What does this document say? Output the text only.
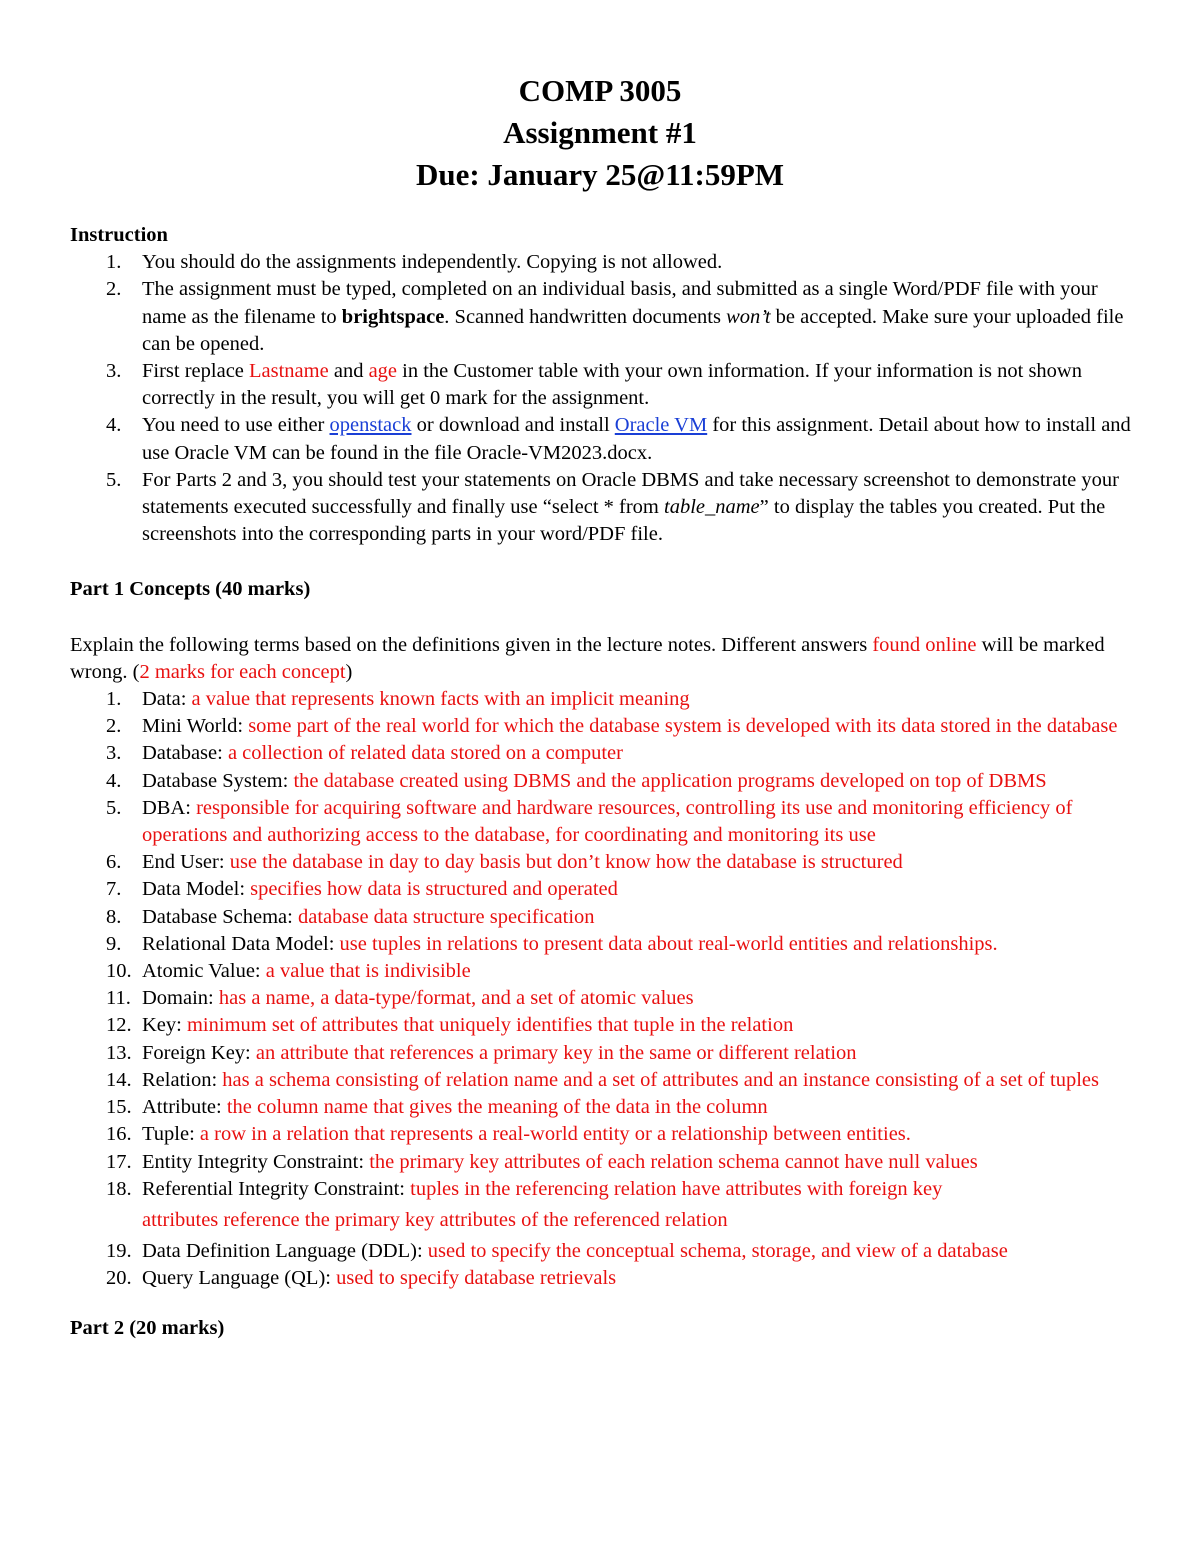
COMP 3005
Assignment #1
Due: January 25@11:59PM
Instruction
1. You should do the assignments independently. Copying is not allowed.
2. The assignment must be typed, completed on an individual basis, and submitted as a single Word/PDF file with your name as the filename to brightspace. Scanned handwritten documents won’t be accepted. Make sure your uploaded file can be opened.
3. First replace Lastname and age in the Customer table with your own information. If your information is not shown correctly in the result, you will get 0 mark for the assignment.
4. You need to use either openstack or download and install Oracle VM for this assignment. Detail about how to install and use Oracle VM can be found in the file Oracle-VM2023.docx.
5. For Parts 2 and 3, you should test your statements on Oracle DBMS and take necessary screenshot to demonstrate your statements executed successfully and finally use “select * from table_name” to display the tables you created. Put the screenshots into the corresponding parts in your word/PDF file.
Part 1 Concepts (40 marks)
Explain the following terms based on the definitions given in the lecture notes. Different answers found online will be marked wrong. (2 marks for each concept)
1. Data: a value that represents known facts with an implicit meaning
2. Mini World: some part of the real world for which the database system is developed with its data stored in the database
3. Database: a collection of related data stored on a computer
4. Database System: the database created using DBMS and the application programs developed on top of DBMS
5. DBA: responsible for acquiring software and hardware resources, controlling its use and monitoring efficiency of operations and authorizing access to the database, for coordinating and monitoring its use
6. End User: use the database in day to day basis but don’t know how the database is structured
7. Data Model: specifies how data is structured and operated
8. Database Schema: database data structure specification
9. Relational Data Model: use tuples in relations to present data about real-world entities and relationships.
10. Atomic Value: a value that is indivisible
11. Domain: has a name, a data-type/format, and a set of atomic values
12. Key: minimum set of attributes that uniquely identifies that tuple in the relation
13. Foreign Key: an attribute that references a primary key in the same or different relation
14. Relation: has a schema consisting of relation name and a set of attributes and an instance consisting of a set of tuples
15. Attribute: the column name that gives the meaning of the data in the column
16. Tuple: a row in a relation that represents a real-world entity or a relationship between entities.
17. Entity Integrity Constraint: the primary key attributes of each relation schema cannot have null values
18. Referential Integrity Constraint: tuples in the referencing relation have attributes with foreign key
attributes reference the primary key attributes of the referenced relation
19. Data Definition Language (DDL): used to specify the conceptual schema, storage, and view of a database
20. Query Language (QL): used to specify database retrievals
Part 2 (20 marks)
